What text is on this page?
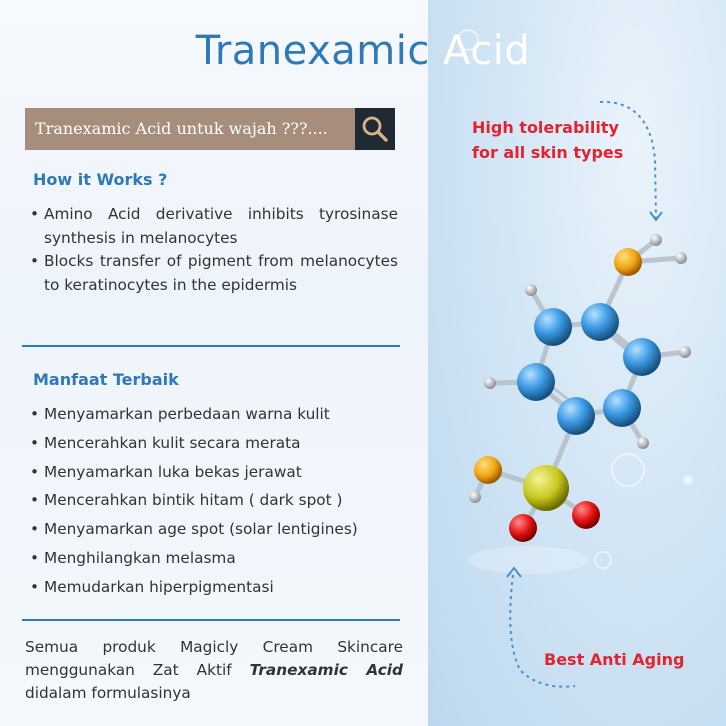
Tranexamic Acid
Tranexamic Acid untuk wajah ???....
How it Works ?
• Amino Acid derivative inhibits tyrosinase synthesis in melanocytes
• Blocks transfer of pigment from melanocytes to keratinocytes in the epidermis
Manfaat Terbaik
• Menyamarkan perbedaan warna kulit
• Mencerahkan kulit secara merata
• Menyamarkan luka bekas jerawat
• Mencerahkan bintik hitam ( dark spot )
• Menyamarkan age spot (solar lentigines)
• Menghilangkan melasma
• Memudarkan hiperpigmentasi
Semua produk Magicly Cream Skincare menggunakan Zat Aktif Tranexamic Acid didalam formulasinya
High tolerability
for all skin types
Best Anti Aging
